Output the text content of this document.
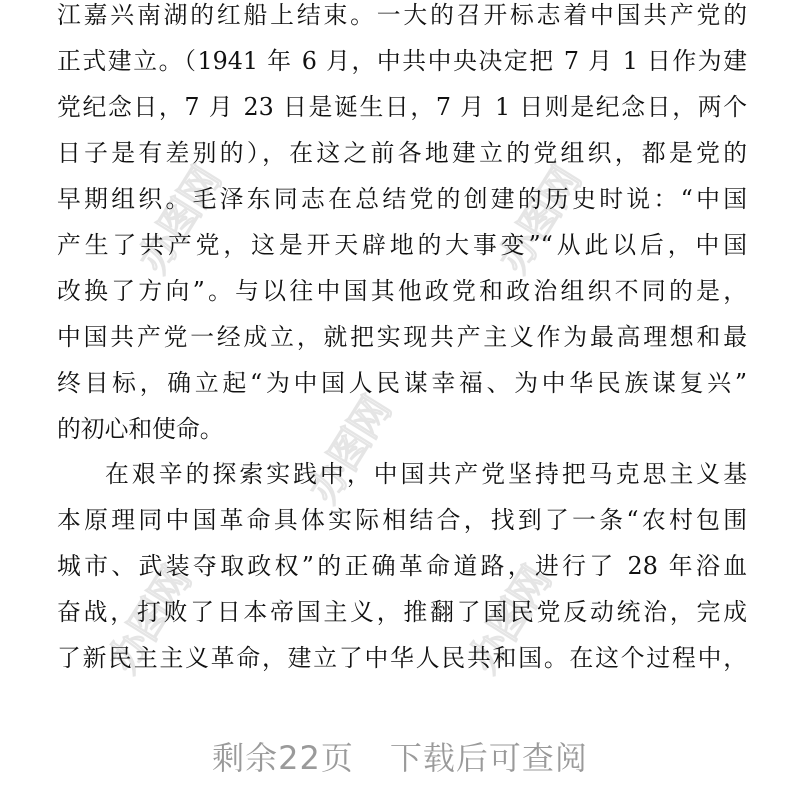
办图网	办图网
办图网
办图网	办图网
江嘉兴南湖的红船上结束。一大的召开标志着中国共产党的
正式建立。（1941 年 6 月，中共中央决定把 7 月 1 日作为建
党纪念日，7 月 23 日是诞生日，7 月 1 日则是纪念日，两个
日子是有差别的），在这之前各地建立的党组织，都是党的
早期组织。毛泽东同志在总结党的创建的历史时说：“中国
产生了共产党，这是开天辟地的大事变”“从此以后，中国
改换了方向”。与以往中国其他政党和政治组织不同的是，
中国共产党一经成立，就把实现共产主义作为最高理想和最
终目标，确立起“为中国人民谋幸福、为中华民族谋复兴”
的初心和使命。
在艰辛的探索实践中，中国共产党坚持把马克思主义基
本原理同中国革命具体实际相结合，找到了一条“农村包围
城市、武装夺取政权”的正确革命道路，进行了 28 年浴血
奋战，打败了日本帝国主义，推翻了国民党反动统治，完成
了新民主主义革命，建立了中华人民共和国。在这个过程中，
剩余22页 下载后可查阅
